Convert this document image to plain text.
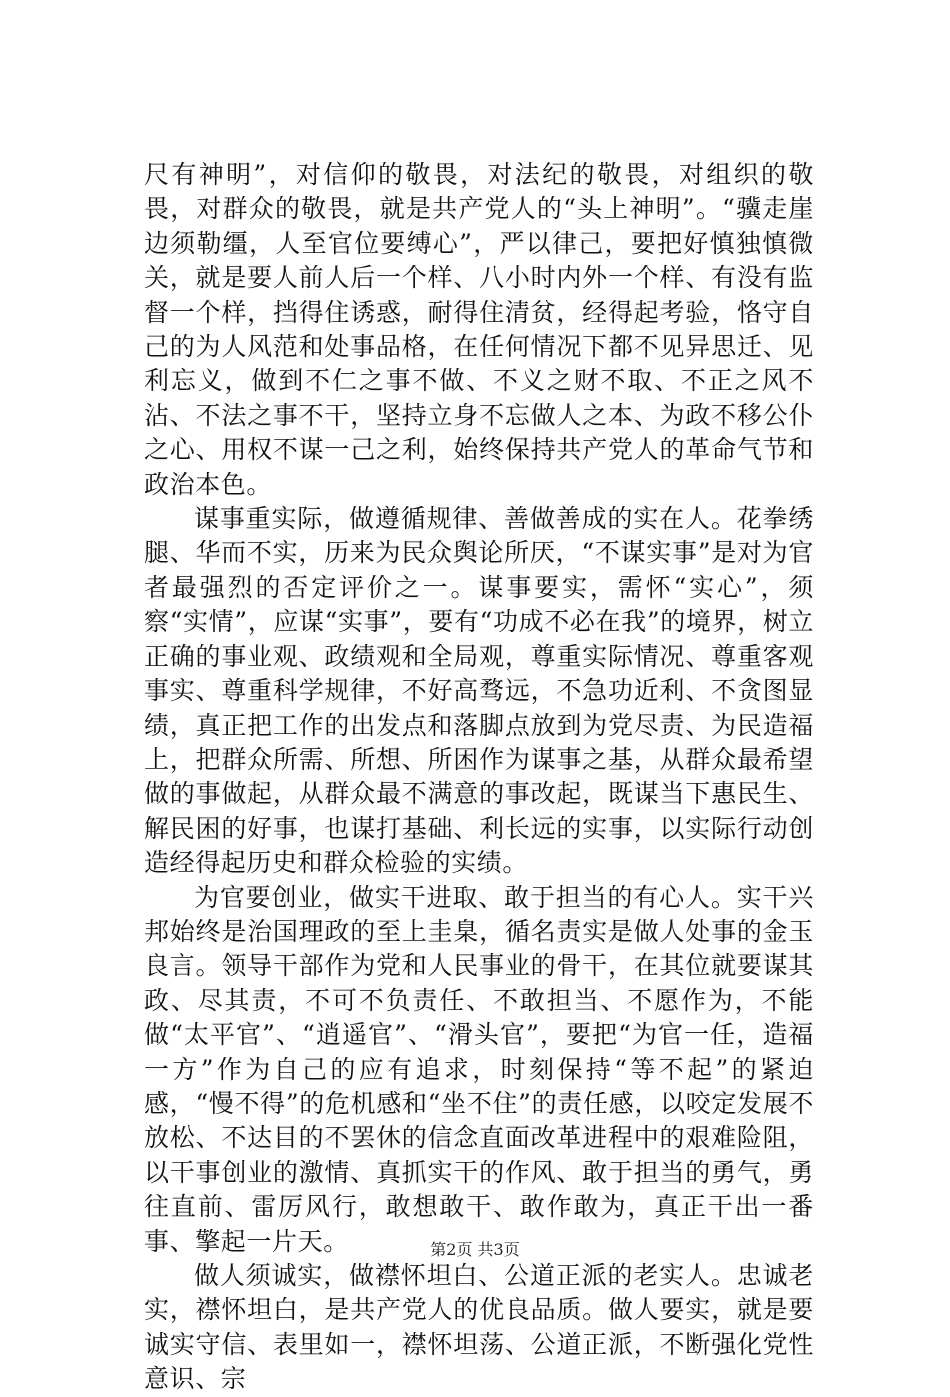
尺有神明”，对信仰的敬畏，对法纪的敬畏，对组织的敬畏，对群众的敬畏，就是共产党人的“头上神明”。“骥走崖边须勒缰，人至官位要缚心”，严以律己，要把好慎独慎微关，就是要人前人后一个样、八小时内外一个样、有没有监督一个样，挡得住诱惑，耐得住清贫，经得起考验，恪守自己的为人风范和处事品格，在任何情况下都不见异思迁、见利忘义，做到不仁之事不做、不义之财不取、不正之风不沾、不法之事不干，坚持立身不忘做人之本、为政不移公仆之心、用权不谋一己之利，始终保持共产党人的革命气节和政治本色。

谋事重实际，做遵循规律、善做善成的实在人。花拳绣腿、华而不实，历来为民众舆论所厌，“不谋实事”是对为官者最强烈的否定评价之一。谋事要实，需怀“实心”，须察“实情”，应谋“实事”，要有“功成不必在我”的境界，树立正确的事业观、政绩观和全局观，尊重实际情况、尊重客观事实、尊重科学规律，不好高骛远，不急功近利、不贪图显绩，真正把工作的出发点和落脚点放到为党尽责、为民造福上，把群众所需、所想、所困作为谋事之基，从群众最希望做的事做起，从群众最不满意的事改起，既谋当下惠民生、解民困的好事，也谋打基础、利长远的实事，以实际行动创造经得起历史和群众检验的实绩。

为官要创业，做实干进取、敢于担当的有心人。实干兴邦始终是治国理政的至上圭臬，循名责实是做人处事的金玉良言。领导干部作为党和人民事业的骨干，在其位就要谋其政、尽其责，不可不负责任、不敢担当、不愿作为，不能做“太平官”、“逍遥官”、“滑头官”，要把“为官一任，造福一方”作为自己的应有追求，时刻保持“等不起”的紧迫感，“慢不得”的危机感和“坐不住”的责任感，以咬定发展不放松、不达目的不罢休的信念直面改革进程中的艰难险阻，以干事创业的激情、真抓实干的作风、敢于担当的勇气，勇往直前、雷厉风行，敢想敢干、敢作敢为，真正干出一番事、擎起一片天。

做人须诚实，做襟怀坦白、公道正派的老实人。忠诚老实，襟怀坦白，是共产党人的优良品质。做人要实，就是要诚实守信、表里如一，襟怀坦荡、公道正派，不断强化党性意识、宗

第2页 共3页
